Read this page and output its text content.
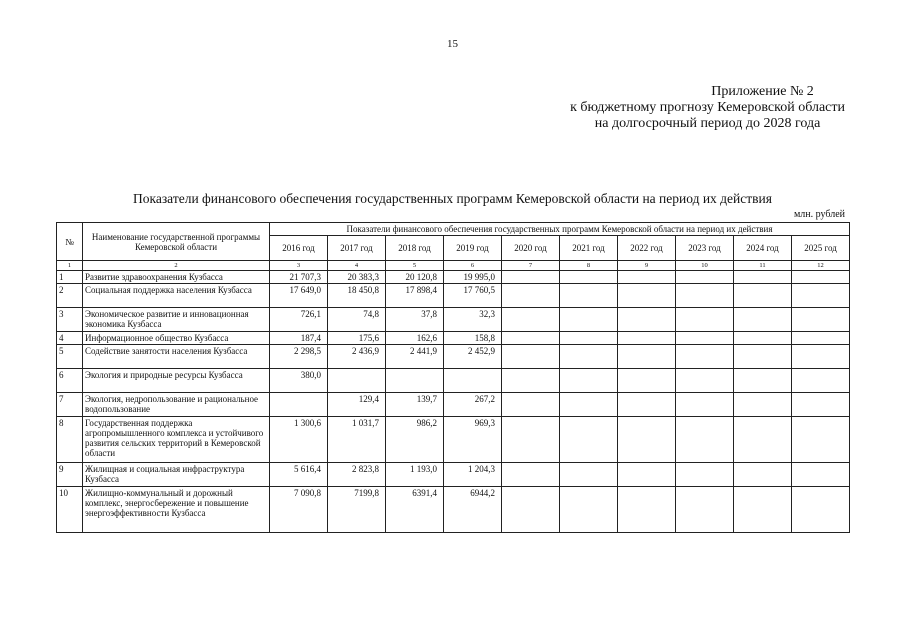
15
Приложение № 2
к бюджетному прогнозу Кемеровской области
на долгосрочный период до 2028 года
Показатели финансового обеспечения государственных программ Кемеровской области на период их действия
млн. рублей
№	Наименование государственной программы Кемеровской области	Показатели финансового обеспечения государственных программ Кемеровской области на период их действия									
		2016 год	2017 год	2018 год	2019 год	2020 год	2021 год	2022 год	2023 год	2024 год	2025 год
1	2	3	4	5	6	7	8	9	10	11	12
1	Развитие здравоохранения Кузбасса	21 707,3	20 383,3	20 120,8	19 995,0						
2	Социальная поддержка населения Кузбасса	17 649,0	18 450,8	17 898,4	17 760,5						
3	Экономическое развитие и инновационная экономика Кузбасса	726,1	74,8	37,8	32,3						
4	Информационное общество Кузбасса	187,4	175,6	162,6	158,8						
5	Содействие занятости населения Кузбасса	2 298,5	2 436,9	2 441,9	2 452,9						
6	Экология и природные ресурсы Кузбасса	380,0									
7	Экология, недропользование и рациональное водопользование		129,4	139,7	267,2						
8	Государственная поддержка агропромышленного комплекса и устойчивого развития сельских территорий в Кемеровской области	1 300,6	1 031,7	986,2	969,3						
9	Жилищная и социальная инфраструктура Кузбасса	5 616,4	2 823,8	1 193,0	1 204,3						
10	Жилищно-коммунальный и дорожный комплекс, энергосбережение и повышение энергоэффективности Кузбасса	7 090,8	7199,8	6391,4	6944,2						
